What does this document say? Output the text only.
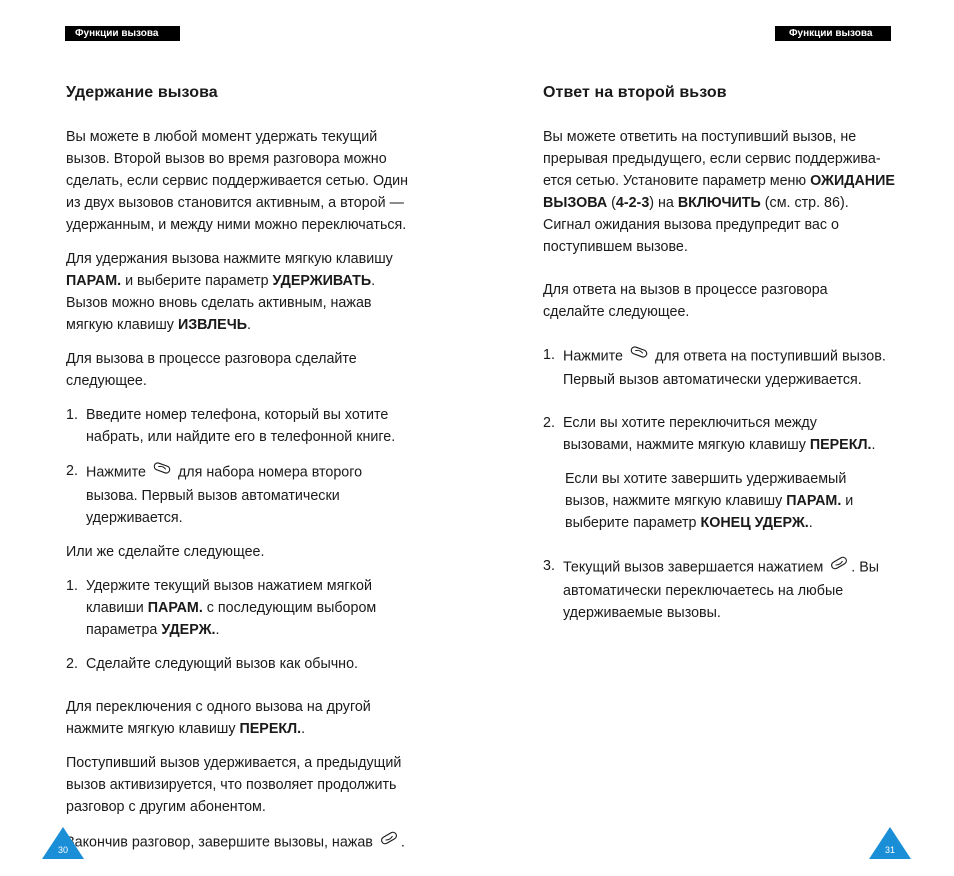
Функции вызова	Функции вызова
Удержание вызова

Вы можете в любой момент удержать текущий вызов. Второй вызов во время разговора можно сделать, если сервис поддерживается сетью. Один из двух вызовов становится активным, а второй — удержанным, и между ними можно переключаться.

Для удержания вызова нажмите мягкую клавишу ПАРАМ. и выберите параметр УДЕРЖИВАТЬ. Вызов можно вновь сделать активным, нажав мягкую клавишу ИЗВЛЕЧЬ.

Для вызова в процессе разговора сделайте следующее.

1. Введите номер телефона, который вы хотите набрать, или найдите его в телефонной книге.
2. Нажмите  для набора номера второго вызова. Первый вызов автоматически удерживается.

Или же сделайте следующее.

1. Удержите текущий вызов нажатием мягкой клавиши ПАРАМ. с последующим выбором параметра УДЕРЖ..
2. Сделайте следующий вызов как обычно.

Для переключения с одного вызова на другой нажмите мягкую клавишу ПЕРЕКЛ..

Поступивший вызов удерживается, а предыдущий вызов активизируется, что позволяет продолжить разговор с другим абонентом.

Закончив разговор, завершите вызовы, нажав .

Ответ на второй вьзов

Вы можете ответить на поступивший вызов, не прерывая предыдущего, если сервис поддержива-ется сетью. Установите параметр меню ОЖИДАНИЕ ВЫЗОВА (4-2-3) на ВКЛЮЧИТЬ (см. стр. 86). Сигнал ожидания вызова предупредит вас о поступившем вызове.

Для ответа на вызов в процессе разговора сделайте следующее.

1. Нажмите  для ответа на поступивший вызов. Первый вызов автоматически удерживается.
2. Если вы хотите переключиться между вызовами, нажмите мягкую клавишу ПЕРЕКЛ..

Если вы хотите завершить удерживаемый вызов, нажмите мягкую клавишу ПАРАМ. и выберите параметр КОНЕЦ УДЕРЖ..

3. Текущий вызов завершается нажатием . Вы автоматически переключаетесь на любые удерживаемые вызовы.
30	31
